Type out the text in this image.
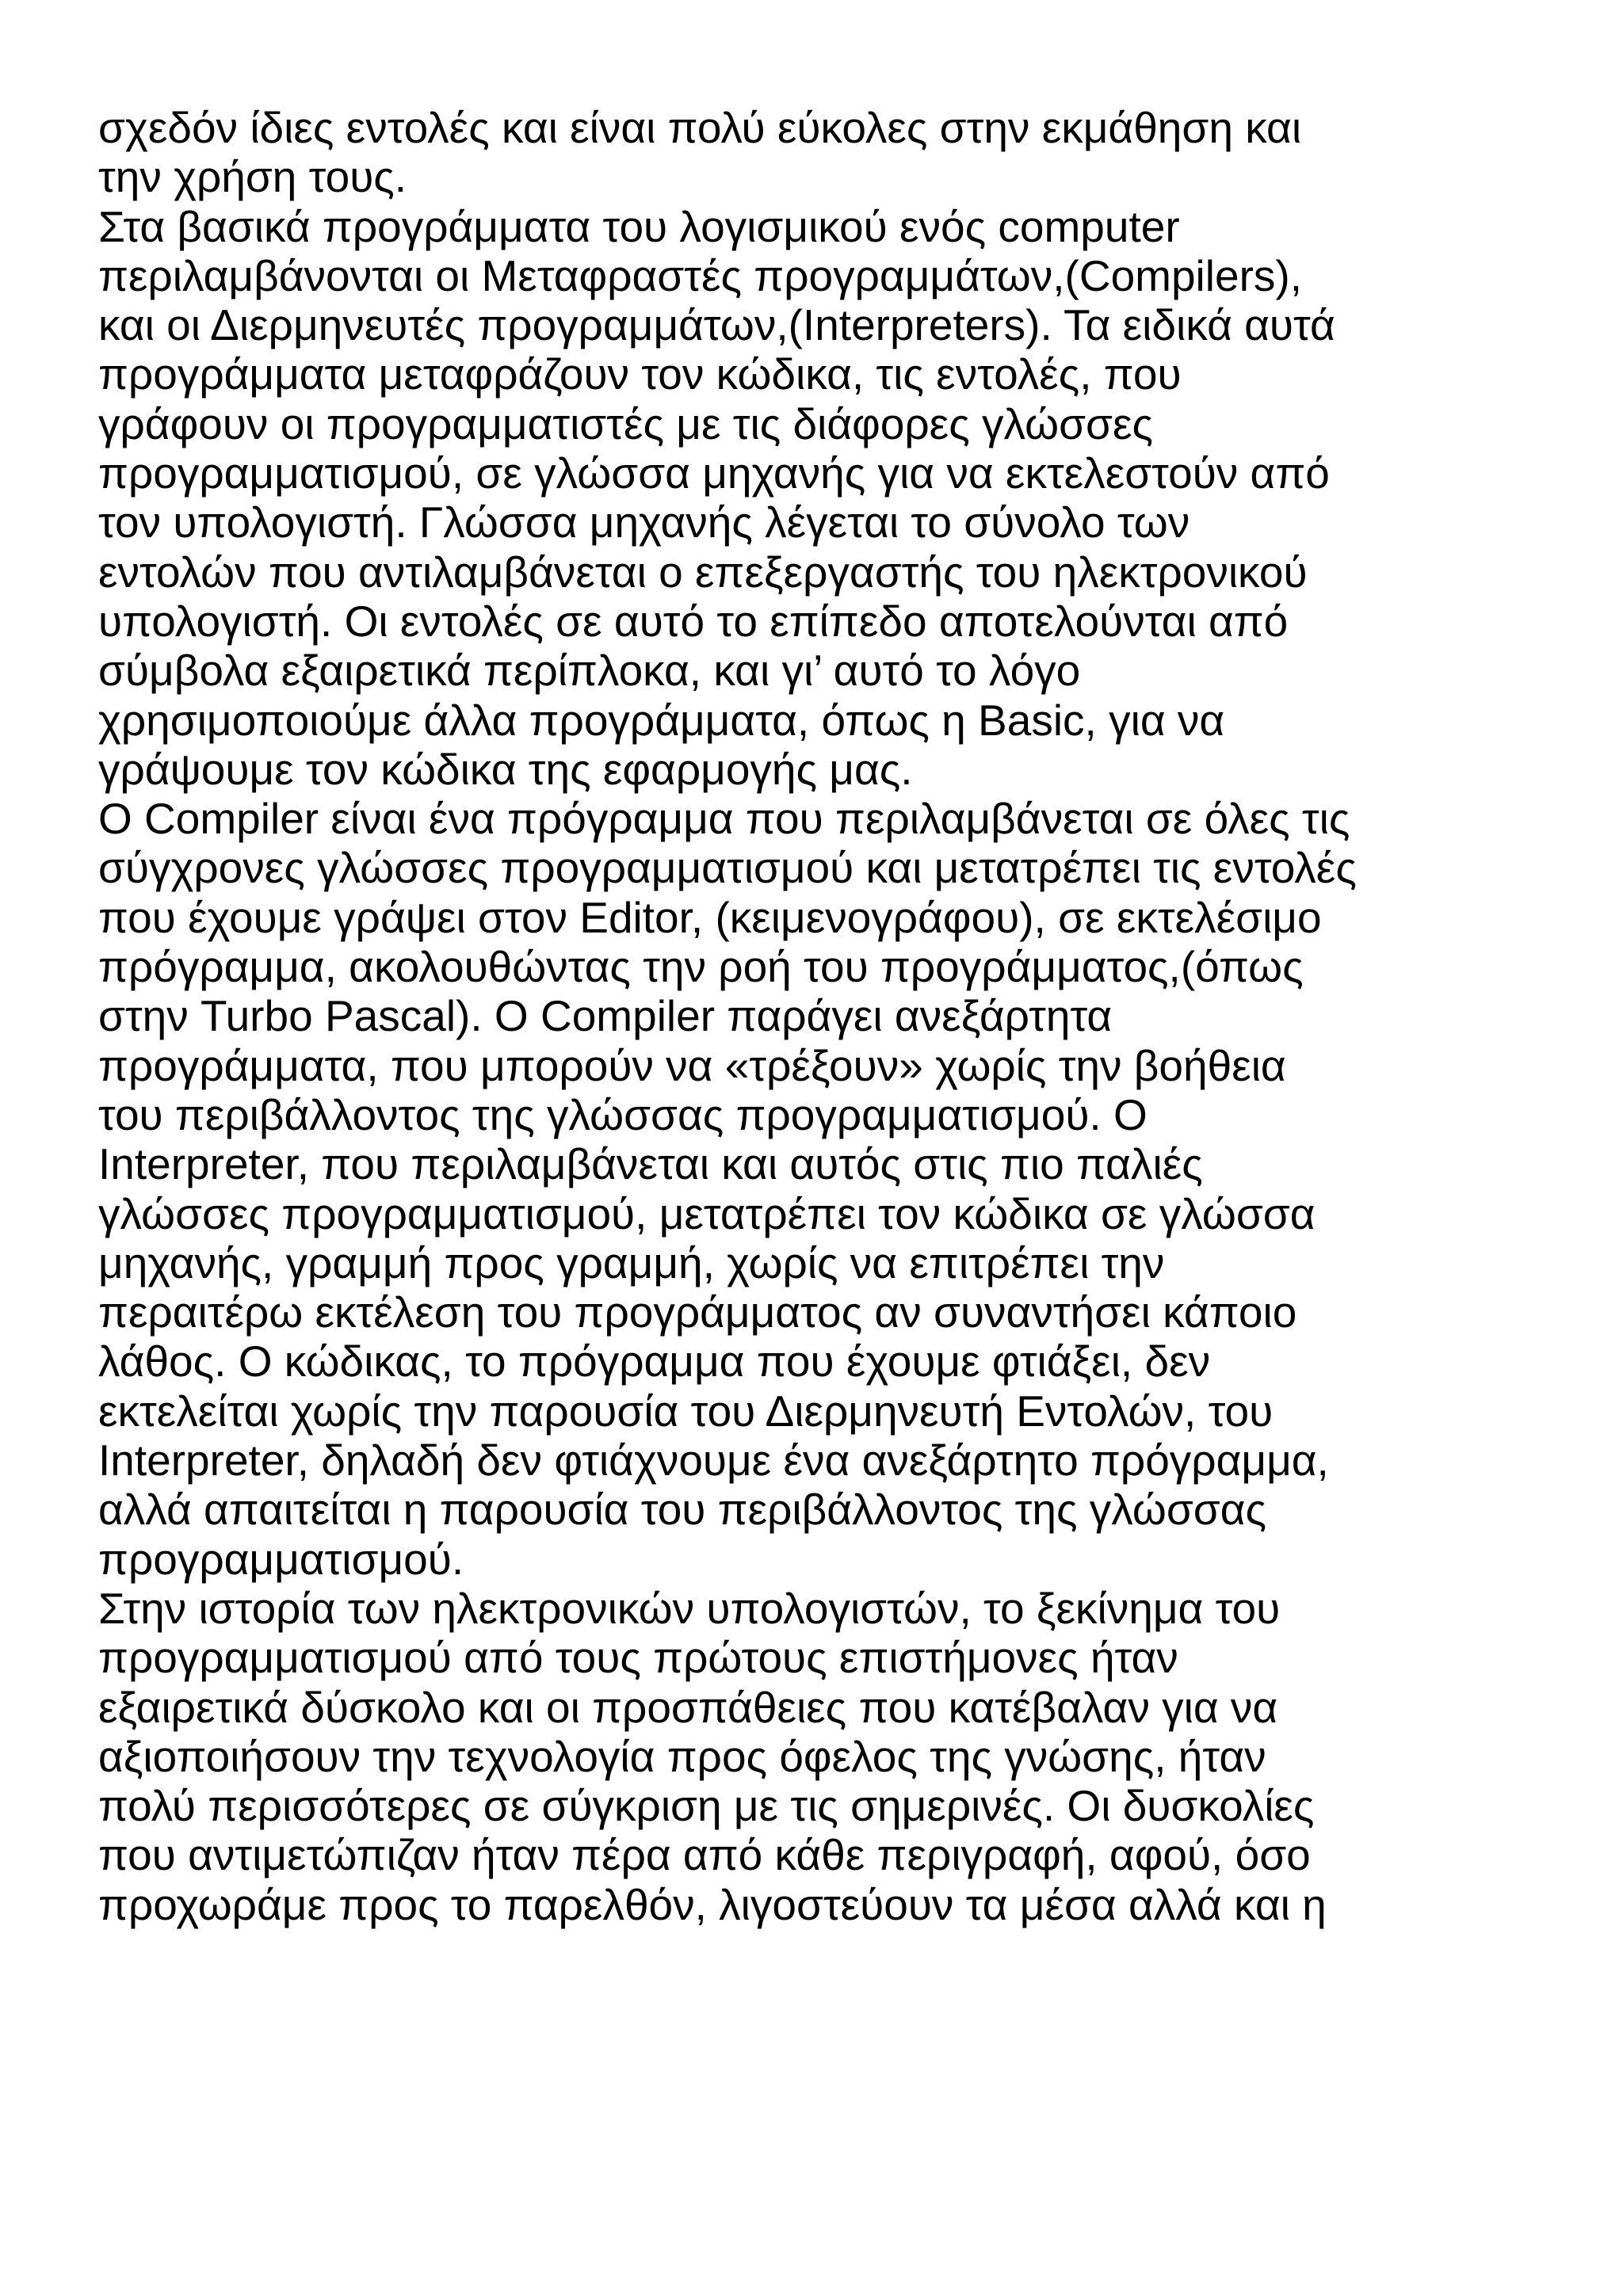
σχεδόν ίδιες εντολές και είναι πολύ εύκολες στην εκμάθηση και
την χρήση τους.
Στα βασικά προγράμματα του λογισμικού ενός computer
περιλαμβάνονται οι Μεταφραστές προγραμμάτων,(Compilers),
και οι Διερμηνευτές προγραμμάτων,(Interpreters). Τα ειδικά αυτά
προγράμματα μεταφράζουν τον κώδικα, τις εντολές, που
γράφουν οι προγραμματιστές με τις διάφορες γλώσσες
προγραμματισμού, σε γλώσσα μηχανής για να εκτελεστούν από
τον υπολογιστή. Γλώσσα μηχανής λέγεται το σύνολο των
εντολών που αντιλαμβάνεται ο επεξεργαστής του ηλεκτρονικού
υπολογιστή. Οι εντολές σε αυτό το επίπεδο αποτελούνται από
σύμβολα εξαιρετικά περίπλοκα, και γι’ αυτό το λόγο
χρησιμοποιούμε άλλα προγράμματα, όπως η Basic, για να
γράψουμε τον κώδικα της εφαρμογής μας.
Ο Compiler είναι ένα πρόγραμμα που περιλαμβάνεται σε όλες τις
σύγχρονες γλώσσες προγραμματισμού και μετατρέπει τις εντολές
που έχουμε γράψει στον Editor, (κειμενογράφου), σε εκτελέσιμο
πρόγραμμα, ακολουθώντας την ροή του προγράμματος,(όπως
στην Turbo Pascal). Ο Compiler παράγει ανεξάρτητα
προγράμματα, που μπορούν να «τρέξουν» χωρίς την βοήθεια
του περιβάλλοντος της γλώσσας προγραμματισμού. Ο
Interpreter, που περιλαμβάνεται και αυτός στις πιο παλιές
γλώσσες προγραμματισμού, μετατρέπει τον κώδικα σε γλώσσα
μηχανής, γραμμή προς γραμμή, χωρίς να επιτρέπει την
περαιτέρω εκτέλεση του προγράμματος αν συναντήσει κάποιο
λάθος. Ο κώδικας, το πρόγραμμα που έχουμε φτιάξει, δεν
εκτελείται χωρίς την παρουσία του Διερμηνευτή Εντολών, του
Interpreter, δηλαδή δεν φτιάχνουμε ένα ανεξάρτητο πρόγραμμα,
αλλά απαιτείται η παρουσία του περιβάλλοντος της γλώσσας
προγραμματισμού.
Στην ιστορία των ηλεκτρονικών υπολογιστών, το ξεκίνημα του
προγραμματισμού από τους πρώτους επιστήμονες ήταν
εξαιρετικά δύσκολο και οι προσπάθειες που κατέβαλαν για να
αξιοποιήσουν την τεχνολογία προς όφελος της γνώσης, ήταν
πολύ περισσότερες σε σύγκριση με τις σημερινές. Οι δυσκολίες
που αντιμετώπιζαν ήταν πέρα από κάθε περιγραφή, αφού, όσο
προχωράμε προς το παρελθόν, λιγοστεύουν τα μέσα αλλά και η
